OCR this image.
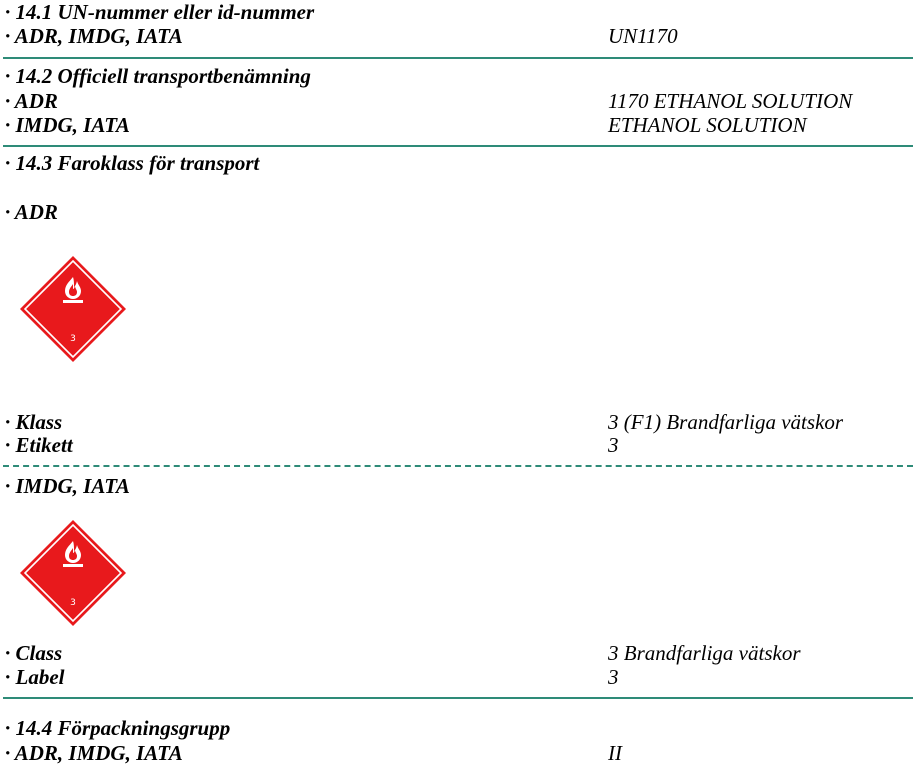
· 14.1 UN-nummer eller id-nummer
· ADR, IMDG, IATA	UN1170
· 14.2 Officiell transportbenämning
· ADR	1170 ETHANOL SOLUTION
· IMDG, IATA	ETHANOL SOLUTION
· 14.3 Faroklass för transport
· ADR
3
· Klass	3 (F1) Brandfarliga vätskor
· Etikett	3
· IMDG, IATA
3
· Class	3 Brandfarliga vätskor
· Label	3
· 14.4 Förpackningsgrupp
· ADR, IMDG, IATA	II
